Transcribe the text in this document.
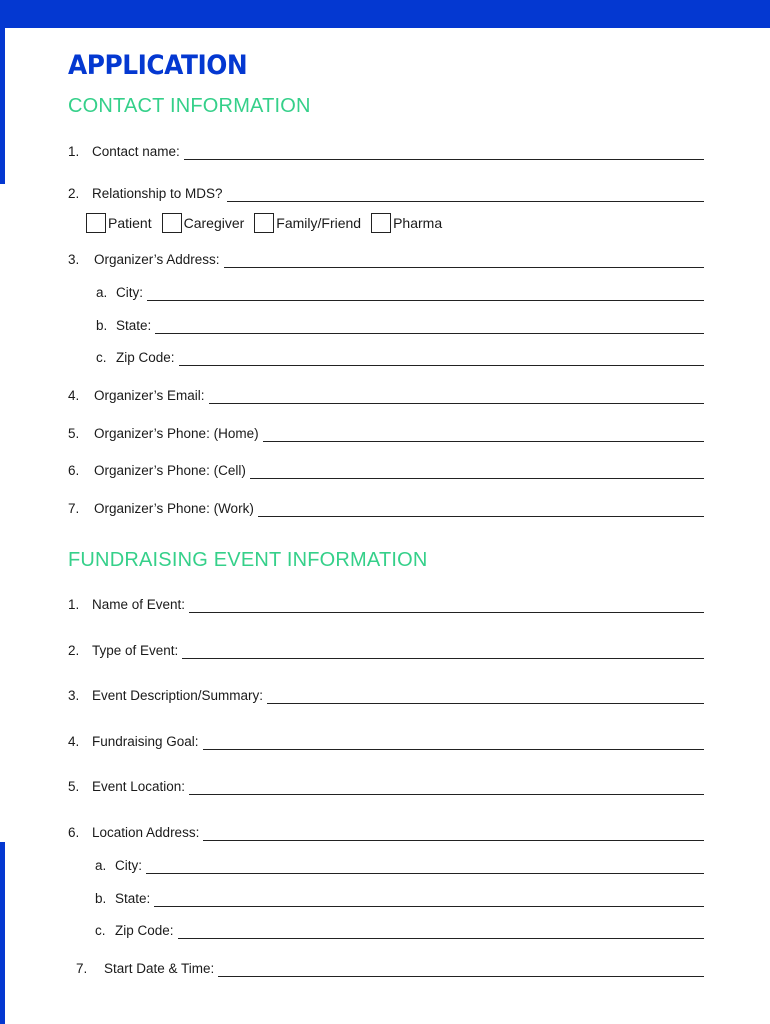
APPLICATION
CONTACT INFORMATION
1. Contact name:
2. Relationship to MDS?
Patient Caregiver Family/Friend Pharma
3.	Organizer’s Address:
a. City:
b. State:
c. Zip Code:
4.	Organizer’s Email:
5.	Organizer’s Phone: (Home)
6.	Organizer’s Phone: (Cell)
7.	Organizer’s Phone: (Work)
FUNDRAISING EVENT INFORMATION
1. Name of Event:
2. Type of Event:
3. Event Description/Summary:
4. Fundraising Goal:
5. Event Location:
6. Location Address:
a. City:
b. State:
c. Zip Code:
7.	Start Date & Time:
